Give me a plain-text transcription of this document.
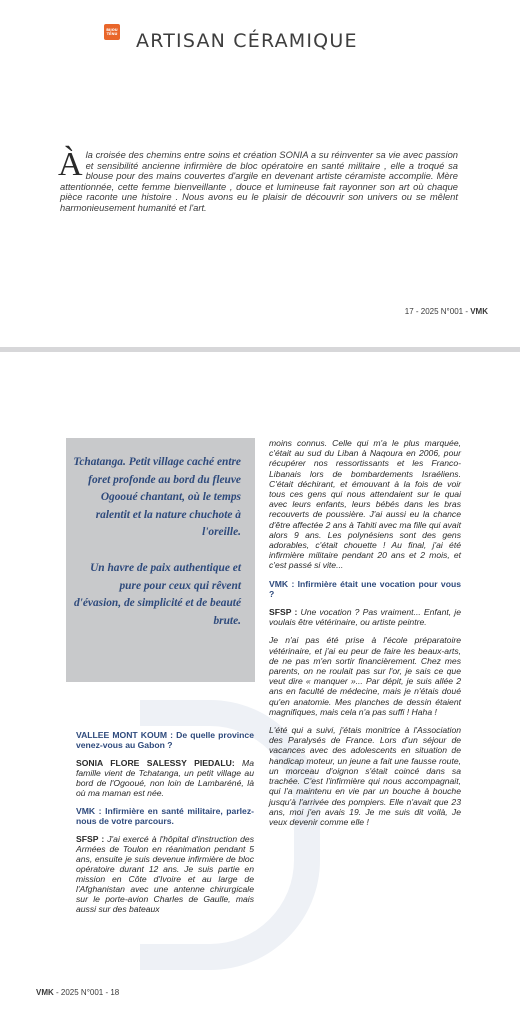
BIJOU
TENU ARTISAN CÉRAMIQUE
Àla croisée des chemins entre soins et création SONIA a su réinventer sa vie avec passion et sensibilité ancienne infirmière de bloc opératoire en santé militaire , elle a troqué sa blouse pour des mains couvertes d'argile en devenant artiste céramiste accomplie. Mère attentionnée, cette femme bienveillante , douce et lumineuse fait rayonner son art où chaque pièce raconte une histoire . Nous avons eu le plaisir de découvrir son univers ou se mêlent harmonieusement humanité et l'art.
17 - 2025 N°001 - VMK

Tchatanga. Petit village caché entre foret profonde au bord du fleuve Ogooué chantant, où le temps ralentit et la nature chuchote à l'oreille.

Un havre de paix authentique et pure pour ceux qui rêvent d'évasion, de simplicité et de beauté brute.

VALLEE MONT KOUM : De quelle province venez-vous au Gabon ?

SONIA FLORE SALESSY PIEDALU: Ma famille vient de Tchatanga, un petit village au bord de l'Ogooué, non loin de Lambaréné, là où ma maman est née.

VMK : Infirmière en santé militaire, parlez-nous de votre parcours.

SFSP : J'ai exercé à l'hôpital d'instruction des Armées de Toulon en réanimation pendant 5 ans, ensuite je suis devenue infirmière de bloc opératoire durant 12 ans. Je suis partie en mission en Côte d'Ivoire et au large de l'Afghanistan avec une antenne chirurgicale sur le porte-avion Charles de Gaulle, mais aussi sur des bateaux

moins connus. Celle qui m'a le plus marquée, c'était au sud du Liban à Naqoura en 2006, pour récupérer nos ressortissants et les Franco-Libanais lors de bombardements Israéliens. C'était déchirant, et émouvant à la fois de voir tous ces gens qui nous attendaient sur le quai avec leurs enfants, leurs bébés dans les bras recouverts de poussière. J'ai aussi eu la chance d'être affectée 2 ans à Tahiti avec ma fille qui avait alors 9 ans. Les polynésiens sont des gens adorables, c'était chouette ! Au final, j'ai été infirmière militaire pendant 20 ans et 2 mois, et c'est passé si vite...

VMK : Infirmière était une vocation pour vous ?

SFSP : Une vocation ? Pas vraiment... Enfant, je voulais être vétérinaire, ou artiste peintre.

Je n'ai pas été prise à l'école préparatoire vétérinaire, et j'ai eu peur de faire les beaux-arts, de ne pas m'en sortir financièrement. Chez mes parents, on ne roulait pas sur l'or, je sais ce que veut dire « manquer »... Par dépit, je suis allée 2 ans en faculté de médecine, mais je n'étais doué qu'en anatomie. Mes planches de dessin étaient magnifiques, mais cela n'a pas suffi ! Haha !

L'été qui a suivi, j'étais monitrice à l'Association des Paralysés de France. Lors d'un séjour de vacances avec des adolescents en situation de handicap moteur, un jeune a fait une fausse route, un morceau d'oignon s'était coincé dans sa trachée. C'est l'infirmière qui nous accompagnait, qui l'a maintenu en vie par un bouche à bouche jusqu'à l'arrivée des pompiers. Elle n'avait que 23 ans, moi j'en avais 19. Je me suis dit voilà, Je veux devenir comme elle !

VMK - 2025 N°001 - 18
